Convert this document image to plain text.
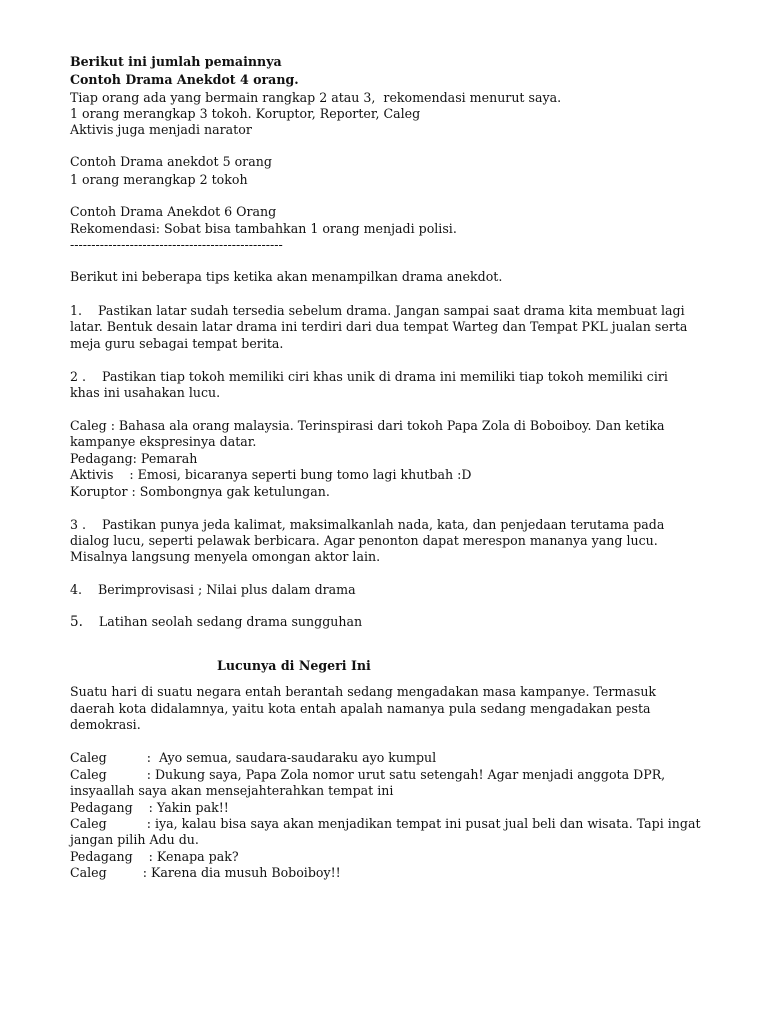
Berikut ini jumlah pemainnya
Contoh Drama Anekdot 4 orang.
Tiap orang ada yang bermain rangkap 2 atau 3,  rekomendasi menurut saya.
1 orang merangkap 3 tokoh. Koruptor, Reporter, Caleg
Aktivis juga menjadi narator
Contoh Drama anekdot 5 orang
1 orang merangkap 2 tokoh
Contoh Drama Anekdot 6 Orang
Rekomendasi: Sobat bisa tambahkan 1 orang menjadi polisi.
--------------------------------------------------
Berikut ini beberapa tips ketika akan menampilkan drama anekdot.
1.    Pastikan latar sudah tersedia sebelum drama. Jangan sampai saat drama kita membuat lagi
latar. Bentuk desain latar drama ini terdiri dari dua tempat Warteg dan Tempat PKL jualan serta
meja guru sebagai tempat berita.
2 .    Pastikan tiap tokoh memiliki ciri khas unik di drama ini memiliki tiap tokoh memiliki ciri
khas ini usahakan lucu.
Caleg : Bahasa ala orang malaysia. Terinspirasi dari tokoh Papa Zola di Boboiboy. Dan ketika
kampanye ekspresinya datar.
Pedagang: Pemarah
Aktivis    : Emosi, bicaranya seperti bung tomo lagi khutbah :D
Koruptor : Sombongnya gak ketulungan.
3 .    Pastikan punya jeda kalimat, maksimalkanlah nada, kata, dan penjedaan terutama pada
dialog lucu, seperti pelawak berbicara. Agar penonton dapat merespon mananya yang lucu.
Misalnya langsung menyela omongan aktor lain.
4.    Berimprovisasi ; Nilai plus dalam drama
5. Latihan seolah sedang drama sungguhan
Lucunya di Negeri Ini
Suatu hari di suatu negara entah berantah sedang mengadakan masa kampanye. Termasuk
daerah kota didalamnya, yaitu kota entah apalah namanya pula sedang mengadakan pesta
demokrasi.
Caleg          :  Ayo semua, saudara-saudaraku ayo kumpul
Caleg          : Dukung saya, Papa Zola nomor urut satu setengah! Agar menjadi anggota DPR,
insyaallah saya akan mensejahterahkan tempat ini
Pedagang    : Yakin pak!!
Caleg          : iya, kalau bisa saya akan menjadikan tempat ini pusat jual beli dan wisata. Tapi ingat
jangan pilih Adu du.
Pedagang    : Kenapa pak?
Caleg         : Karena dia musuh Boboiboy!!
